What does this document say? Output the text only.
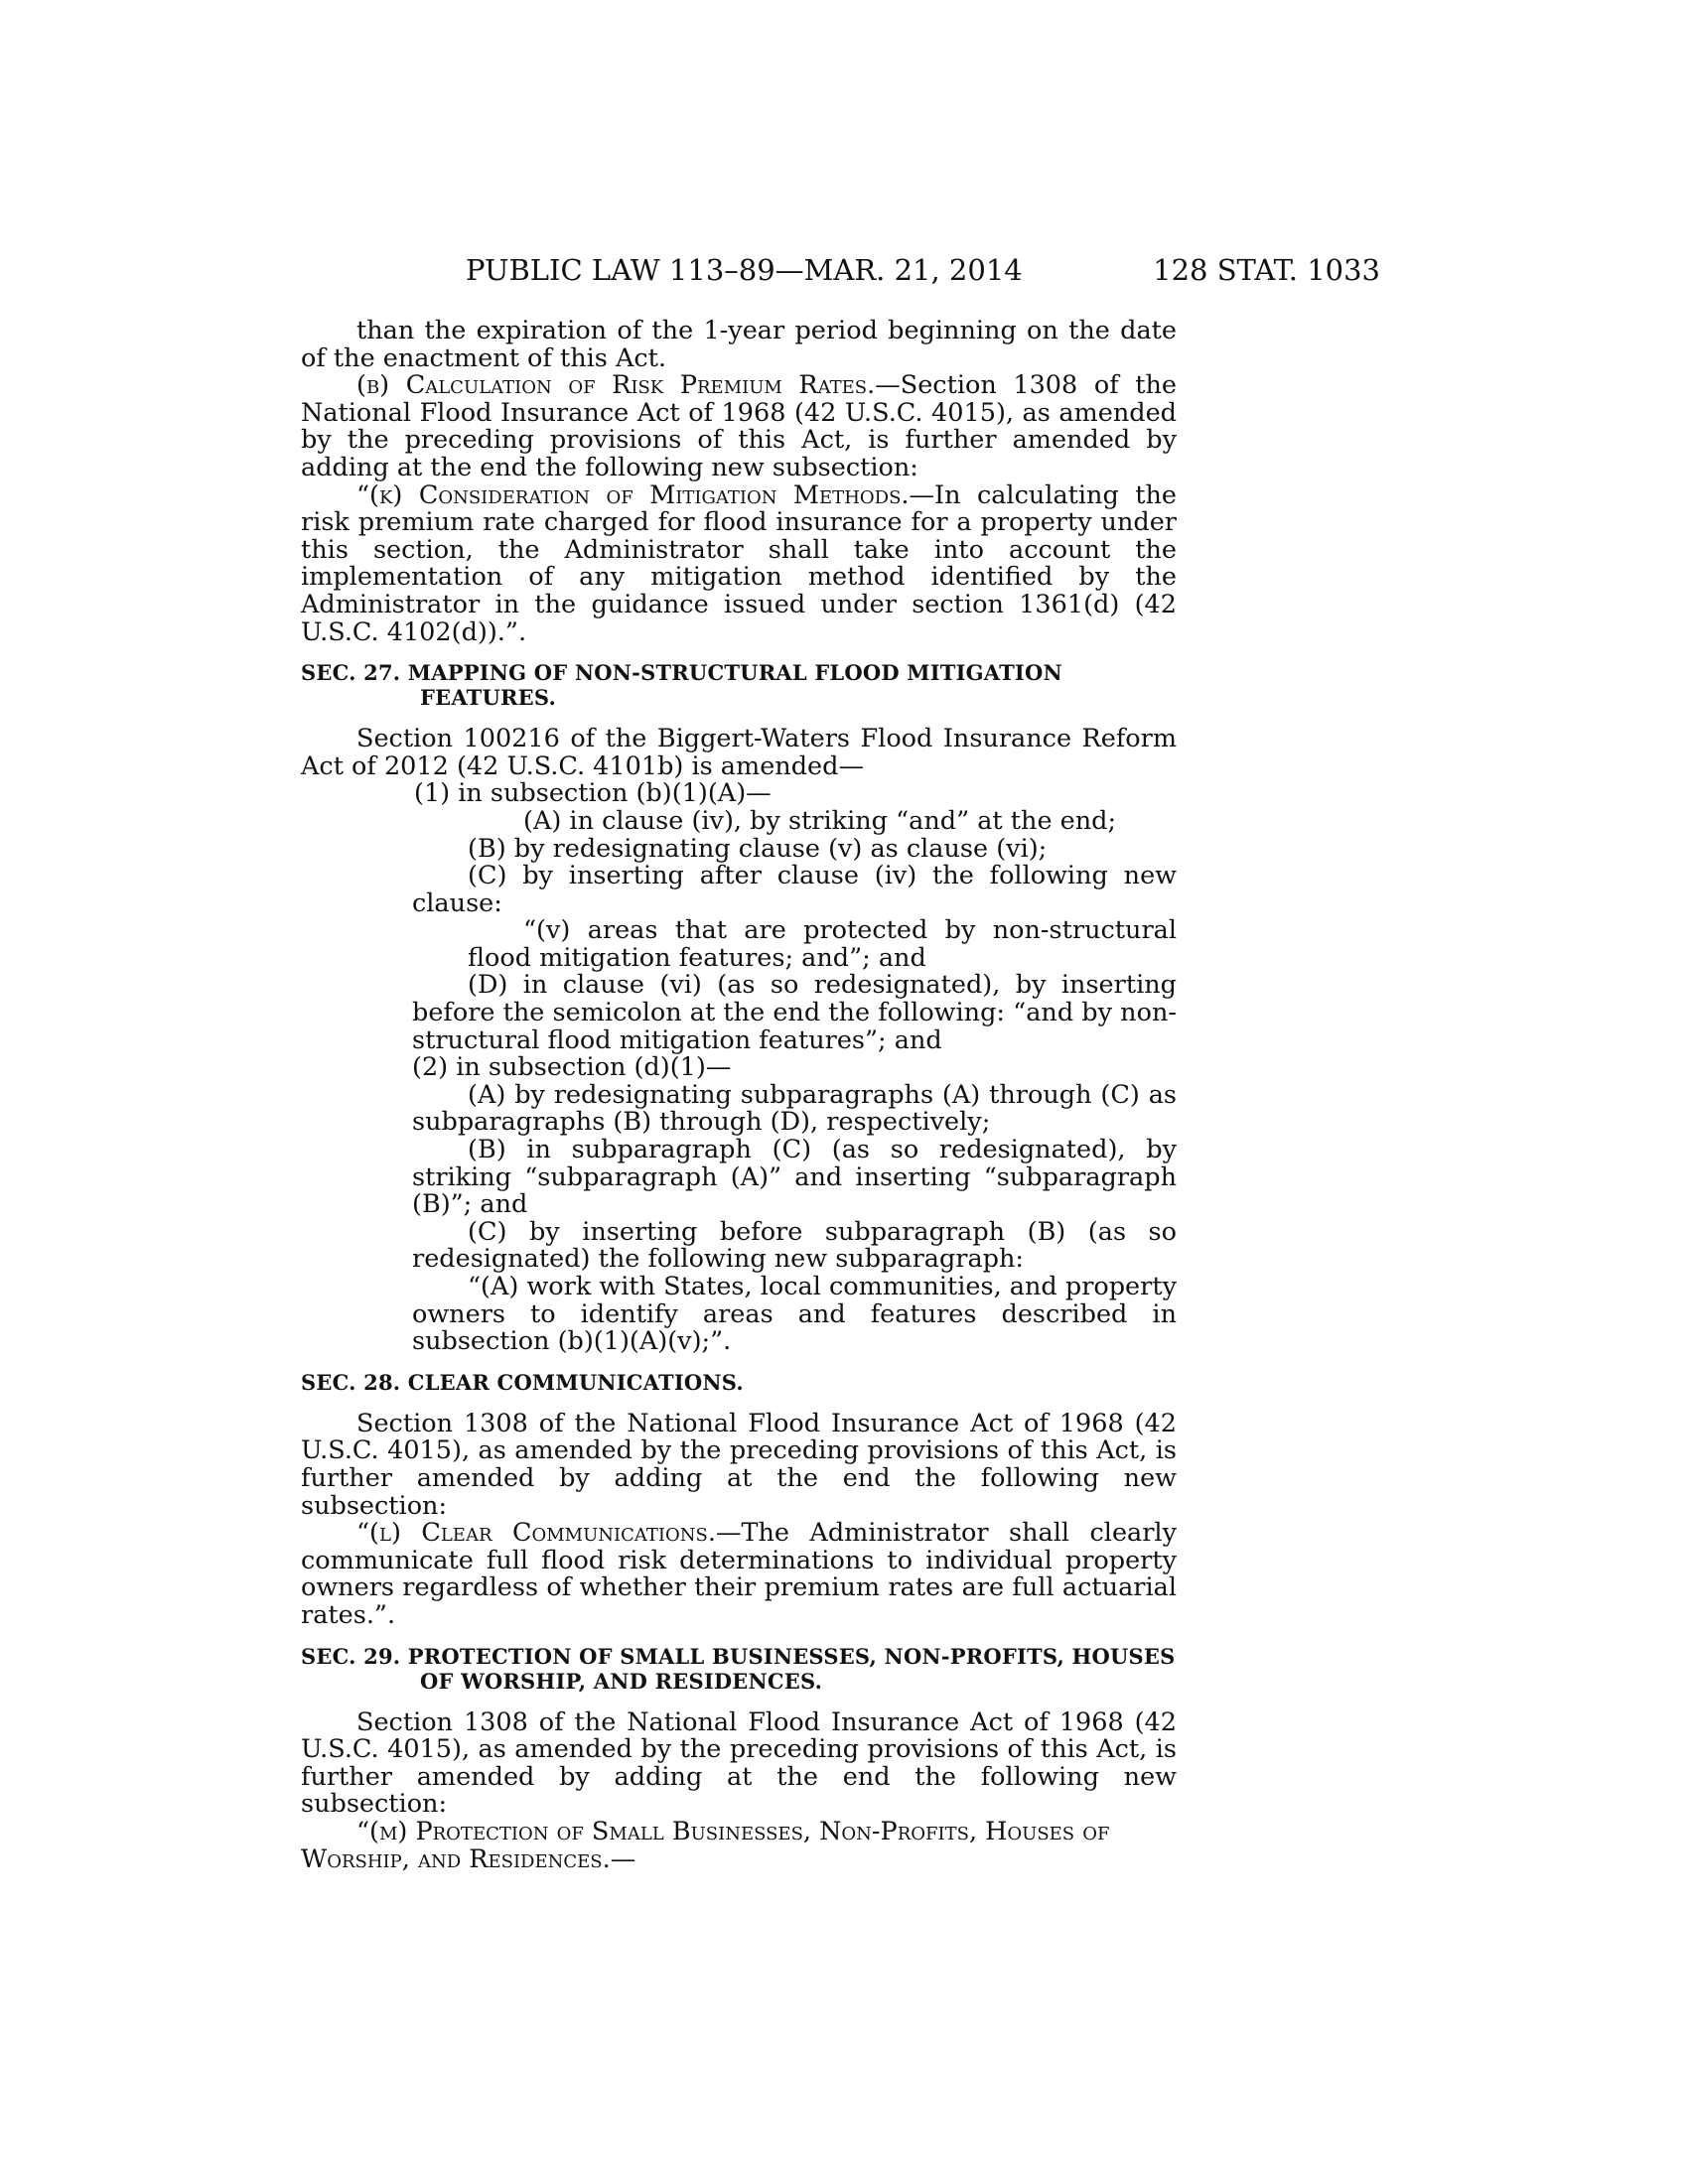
PUBLIC LAW 113–89—MAR. 21, 2014	128 STAT. 1033

than the expiration of the 1-year period beginning on the date of the enactment of this Act.

(b) Calculation of Risk Premium Rates.—Section 1308 of the National Flood Insurance Act of 1968 (42 U.S.C. 4015), as amended by the preceding provisions of this Act, is further amended by adding at the end the following new subsection:

“(k) Consideration of Mitigation Methods.—In calculating the risk premium rate charged for flood insurance for a property under this section, the Administrator shall take into account the implementation of any mitigation method identified by the Administrator in the guidance issued under section 1361(d) (42 U.S.C. 4102(d)).”.

SEC. 27. MAPPING OF NON-STRUCTURAL FLOOD MITIGATION FEATURES.

Section 100216 of the Biggert-Waters Flood Insurance Reform Act of 2012 (42 U.S.C. 4101b) is amended—

(1) in subsection (b)(1)(A)—

(A) in clause (iv), by striking “and” at the end;

(B) by redesignating clause (v) as clause (vi);

(C) by inserting after clause (iv) the following new clause:

“(v) areas that are protected by non-structural flood mitigation features; and”; and

(D) in clause (vi) (as so redesignated), by inserting before the semicolon at the end the following: “and by non-structural flood mitigation features”; and

(2) in subsection (d)(1)—

(A) by redesignating subparagraphs (A) through (C) as subparagraphs (B) through (D), respectively;

(B) in subparagraph (C) (as so redesignated), by striking “subparagraph (A)” and inserting “subparagraph (B)”; and

(C) by inserting before subparagraph (B) (as so redesignated) the following new subparagraph:

“(A) work with States, local communities, and property owners to identify areas and features described in subsection (b)(1)(A)(v);”.

SEC. 28. CLEAR COMMUNICATIONS.

Section 1308 of the National Flood Insurance Act of 1968 (42 U.S.C. 4015), as amended by the preceding provisions of this Act, is further amended by adding at the end the following new subsection:

“(l) Clear Communications.—The Administrator shall clearly communicate full flood risk determinations to individual property owners regardless of whether their premium rates are full actuarial rates.”.

SEC. 29. PROTECTION OF SMALL BUSINESSES, NON-PROFITS, HOUSES OF WORSHIP, AND RESIDENCES.

Section 1308 of the National Flood Insurance Act of 1968 (42 U.S.C. 4015), as amended by the preceding provisions of this Act, is further amended by adding at the end the following new subsection:

“(m) Protection of Small Businesses, Non-Profits, Houses of Worship, and Residences.—
